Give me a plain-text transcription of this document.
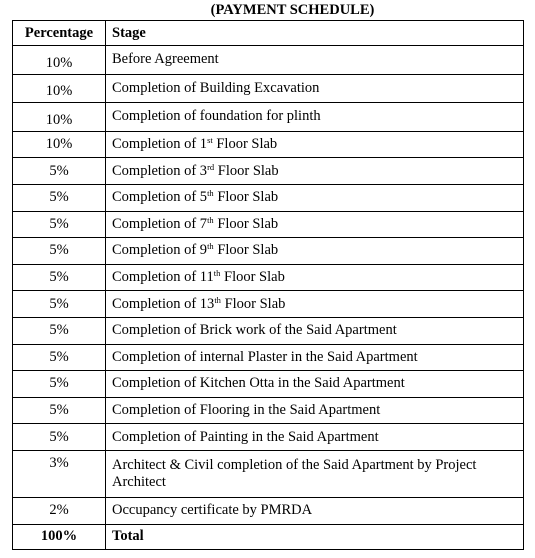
(PAYMENT SCHEDULE)
Percentage	Stage
10%	Before Agreement
10%	Completion of Building Excavation
10%	Completion of foundation for plinth
10%	Completion of 1st Floor Slab
5%	Completion of 3rd Floor Slab
5%	Completion of 5th Floor Slab
5%	Completion of 7th Floor Slab
5%	Completion of 9th Floor Slab
5%	Completion of 11th Floor Slab
5%	Completion of 13th Floor Slab
5%	Completion of Brick work of the Said Apartment
5%	Completion of internal Plaster in the Said Apartment
5%	Completion of Kitchen Otta in the Said Apartment
5%	Completion of Flooring in the Said Apartment
5%	Completion of Painting in the Said Apartment
3%	Architect & Civil completion of the Said Apartment by Project Architect
2%	Occupancy certificate by PMRDA
100%	Total
